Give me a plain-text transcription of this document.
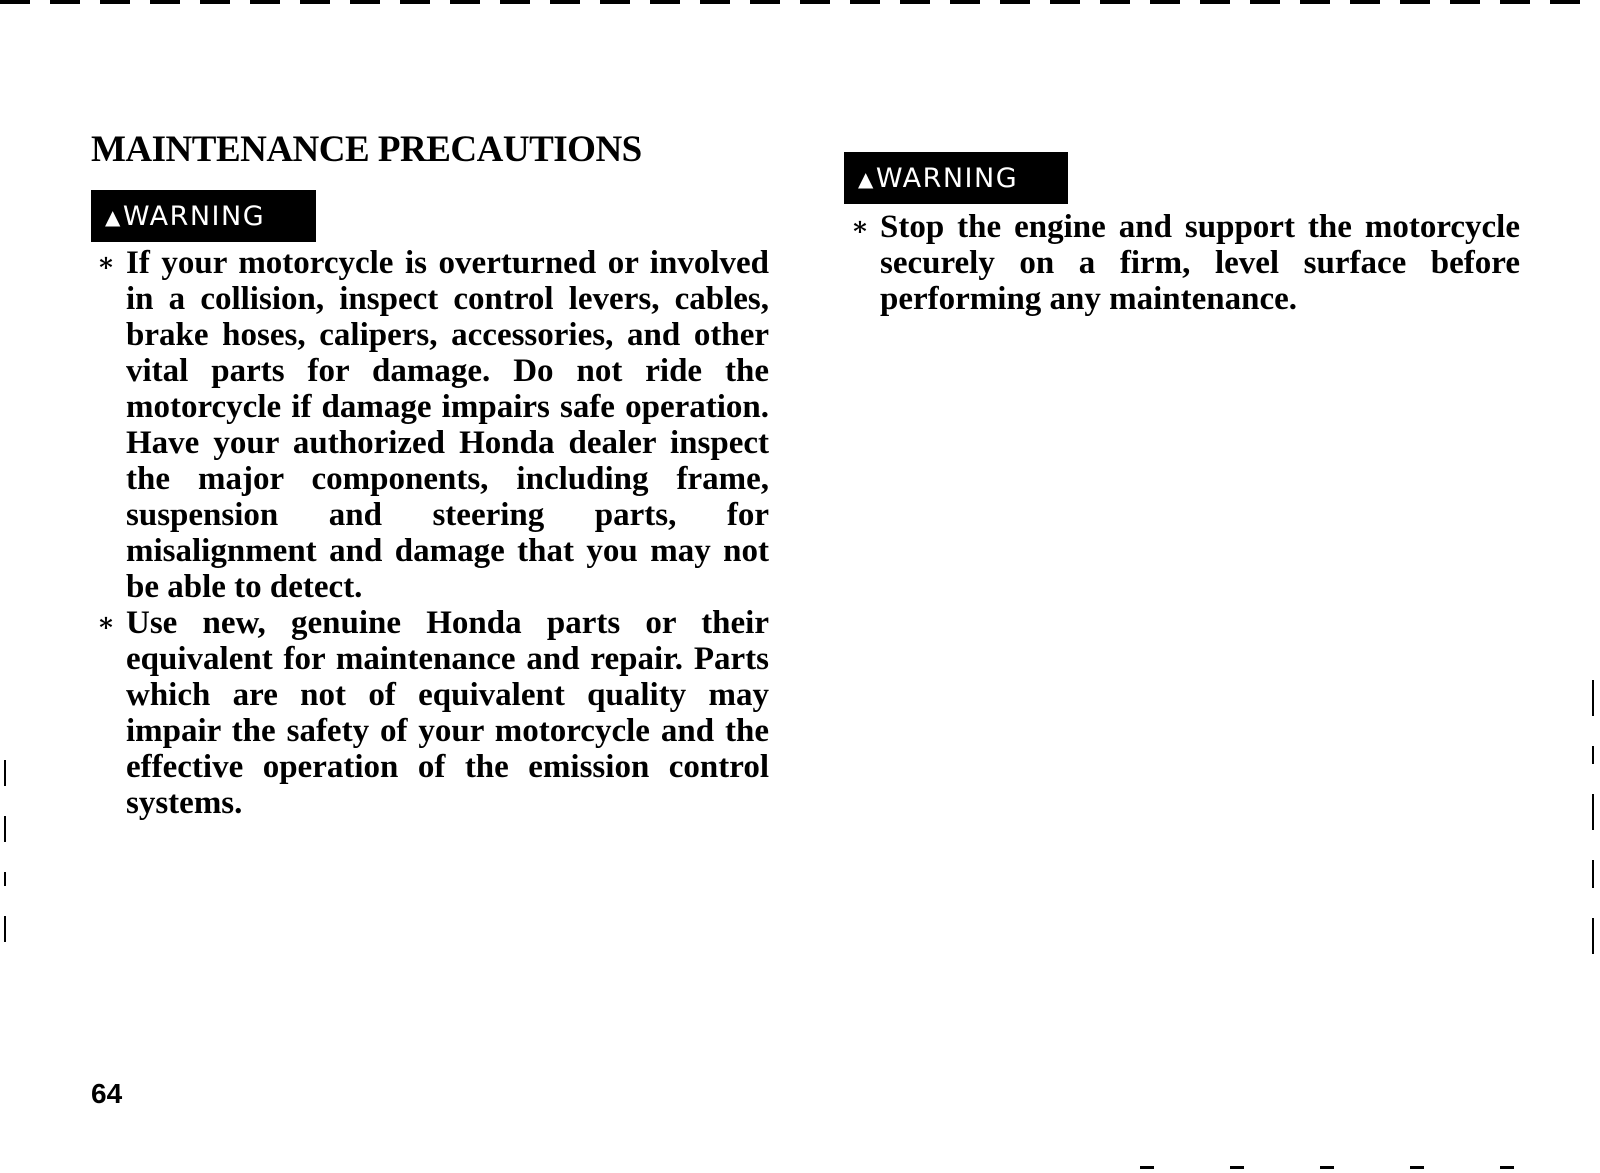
MAINTENANCE PRECAUTIONS
▲ WARNING
∗ If your motorcycle is overturned or involved in a collision, inspect control levers, cables, brake hoses, calipers, accessories, and other vital parts for damage. Do not ride the motorcycle if damage impairs safe operation. Have your authorized Honda dealer inspect the major components, including frame, suspension and steering parts, for misalignment and damage that you may not be able to detect.
∗ Use new, genuine Honda parts or their equivalent for maintenance and repair. Parts which are not of equivalent quality may impair the safety of your motorcycle and the effective operation of the emission control systems.
▲ WARNING
∗ Stop the engine and support the motorcycle securely on a firm, level surface before performing any maintenance.
64
